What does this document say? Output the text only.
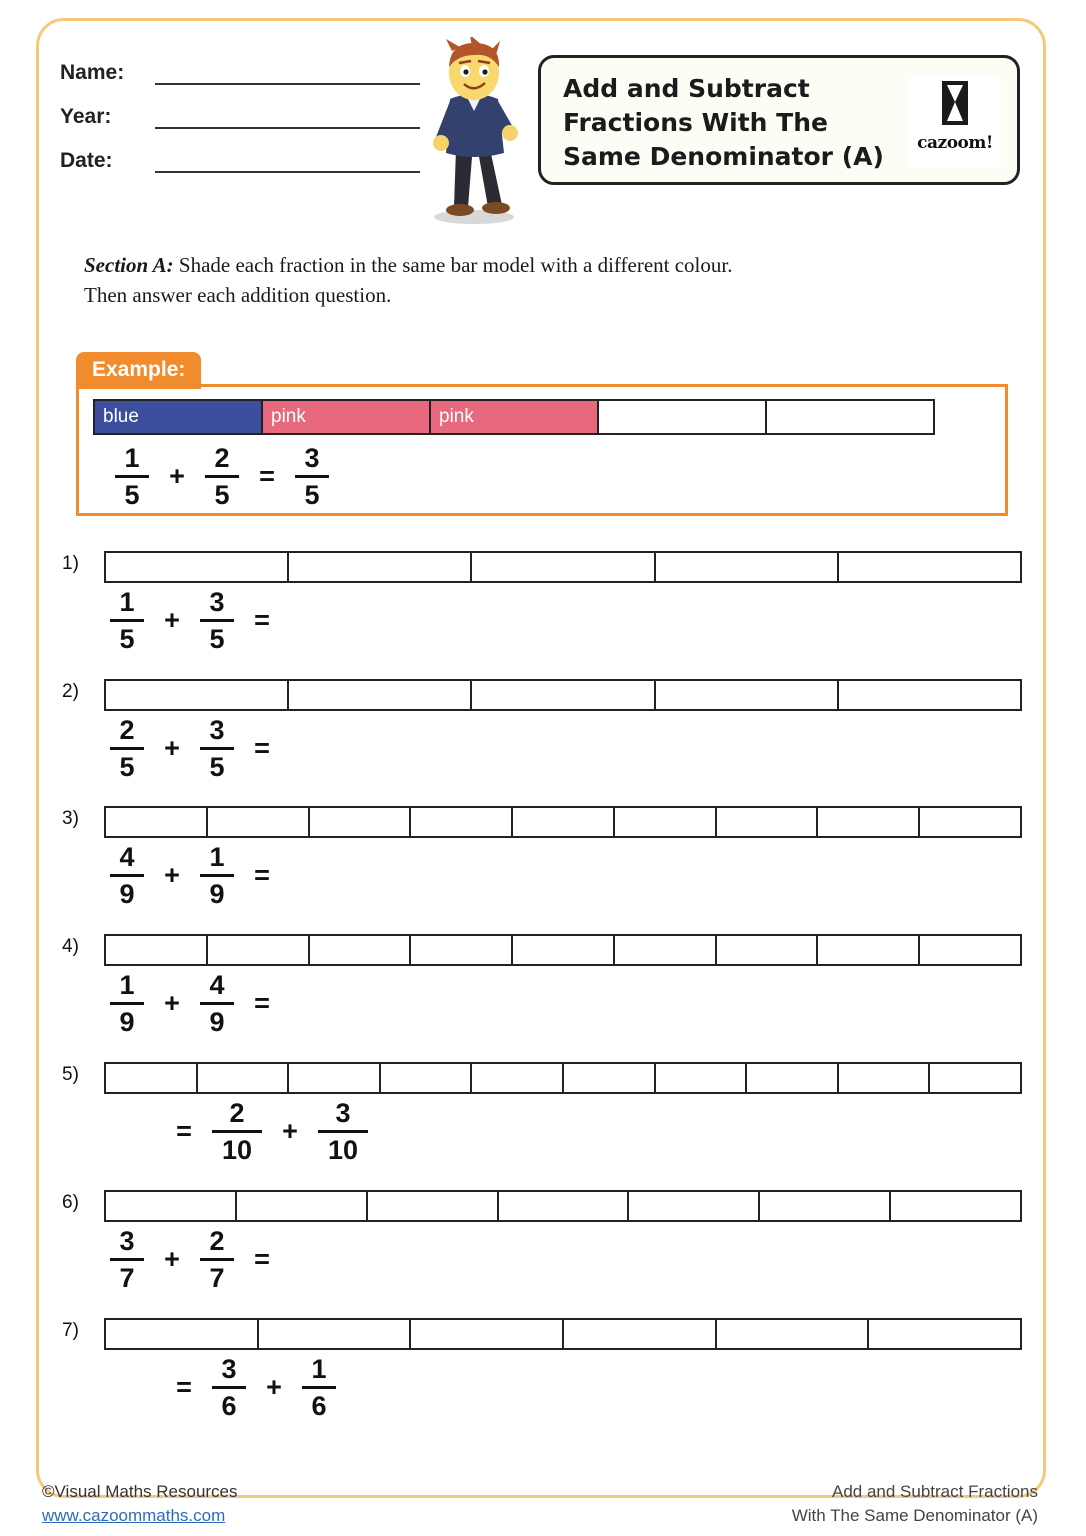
Name:
Year:
Date:
Add and Subtract Fractions With The Same Denominator (A)	cazoom!
Section A: Shade each fraction in the same bar model with a different colour.
Then answer each addition question.
Example:
blue	pink	pink
$\frac{1}{5} + \frac{2}{5} = \frac{3}{5}$
1)
$\frac{1}{5} + \frac{3}{5}$ =
2)
$\frac{2}{5} + \frac{3}{5}$ =
3)
$\frac{4}{9} + \frac{1}{9}$ =
4)
$\frac{1}{9} + \frac{4}{9}$ =
5)
= $\frac{2}{10} + \frac{3}{10}$
6)
$\frac{3}{7} + \frac{2}{7}$ =
7)
= $\frac{3}{6} + \frac{1}{6}$
©Visual Maths Resources
www.cazoommaths.com
Add and Subtract Fractions
With The Same Denominator (A)
